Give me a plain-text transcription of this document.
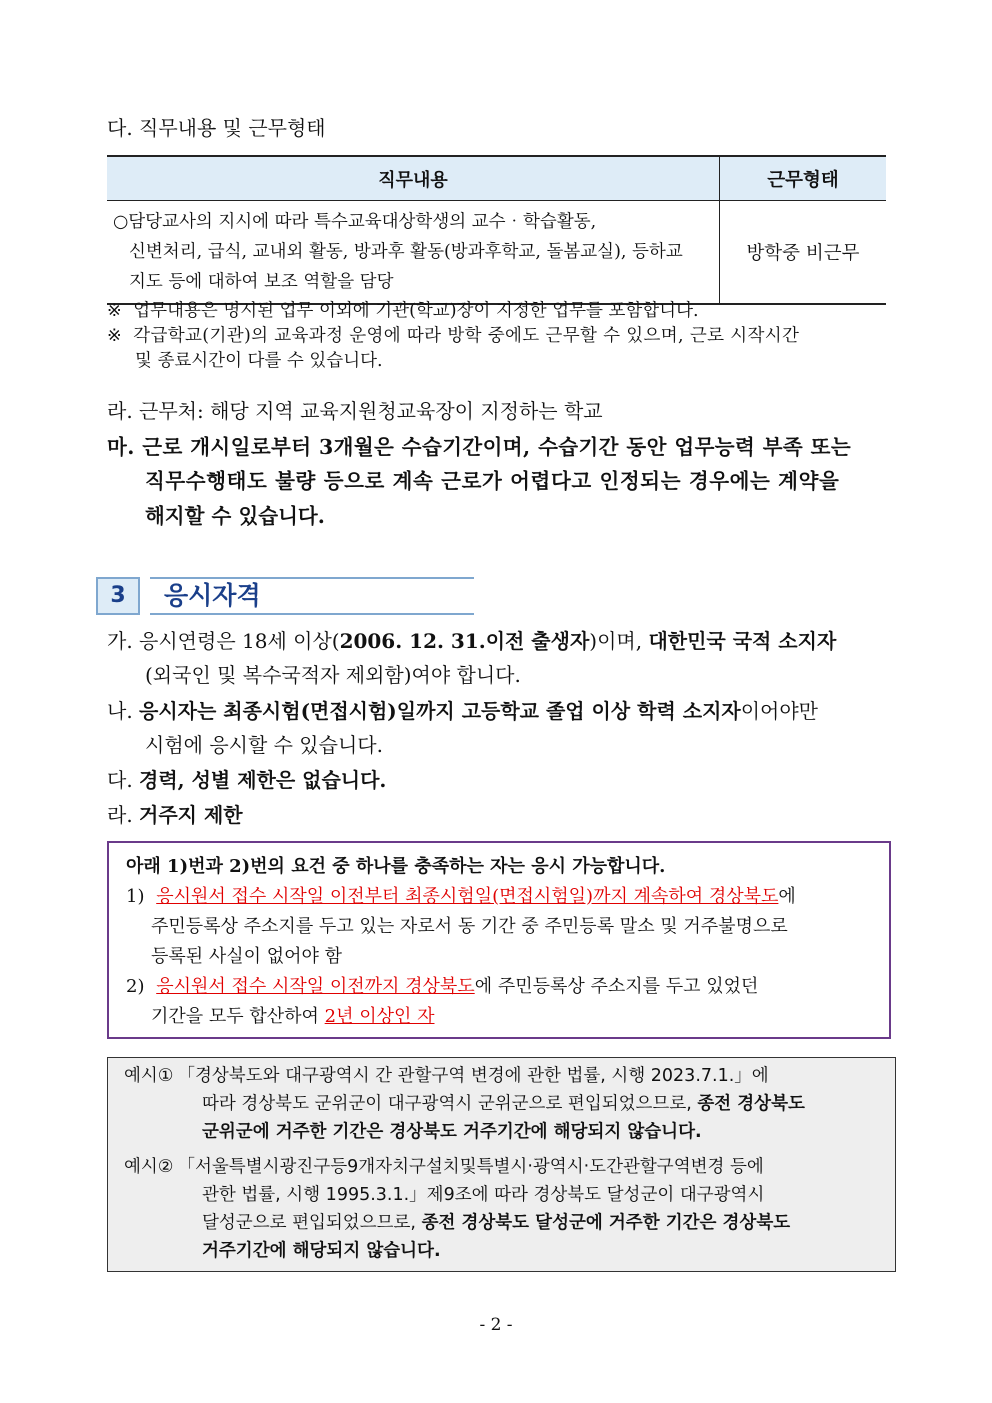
다. 직무내용 및 근무형태
직무내용	근무형태

○담당교사의 지시에 따라 특수교육대상학생의 교수‧학습활동,
신변처리, 급식, 교내외 활동, 방과후 활동(방과후학교, 돌봄교실), 등하교
지도 등에 대하여 보조 역할을 담당	방학중 비근무
※ 업무내용은 명시된 업무 이외에 기관(학교)장이 지정한 업무를 포함합니다.
※ 각급학교(기관)의 교육과정 운영에 따라 방학 중에도 근무할 수 있으며, 근로 시작시간
및 종료시간이 다를 수 있습니다.
라. 근무처: 해당 지역 교육지원청교육장이 지정하는 학교
마. 근로 개시일로부터 3개월은 수습기간이며, 수습기간 동안 업무능력 부족 또는
직무수행태도 불량 등으로 계속 근로가 어렵다고 인정되는 경우에는 계약을
해지할 수 있습니다.
3	응시자격
가. 응시연령은 18세 이상(2006. 12. 31.이전 출생자)이며, 대한민국 국적 소지자
(외국인 및 복수국적자 제외함)여야 합니다.
나. 응시자는 최종시험(면접시험)일까지 고등학교 졸업 이상 학력 소지자이어야만
시험에 응시할 수 있습니다.
다. 경력, 성별 제한은 없습니다.
라. 거주지 제한
아래 1)번과 2)번의 요건 중 하나를 충족하는 자는 응시 가능합니다.
1) 응시원서 접수 시작일 이전부터 최종시험일(면접시험일)까지 계속하여 경상북도에
주민등록상 주소지를 두고 있는 자로서 동 기간 중 주민등록 말소 및 거주불명으로
등록된 사실이 없어야 함
2) 응시원서 접수 시작일 이전까지 경상북도에 주민등록상 주소지를 두고 있었던
기간을 모두 합산하여 2년 이상인 자
예시① 「경상북도와 대구광역시 간 관할구역 변경에 관한 법률, 시행 2023.7.1.」에
따라 경상북도 군위군이 대구광역시 군위군으로 편입되었으므로, 종전 경상북도
군위군에 거주한 기간은 경상북도 거주기간에 해당되지 않습니다.
예시② 「서울특별시광진구등9개자치구설치및특별시‧광역시‧도간관할구역변경 등에
관한 법률, 시행 1995.3.1.」제9조에 따라 경상북도 달성군이 대구광역시
달성군으로 편입되었으므로, 종전 경상북도 달성군에 거주한 기간은 경상북도
거주기간에 해당되지 않습니다.
- 2 -
